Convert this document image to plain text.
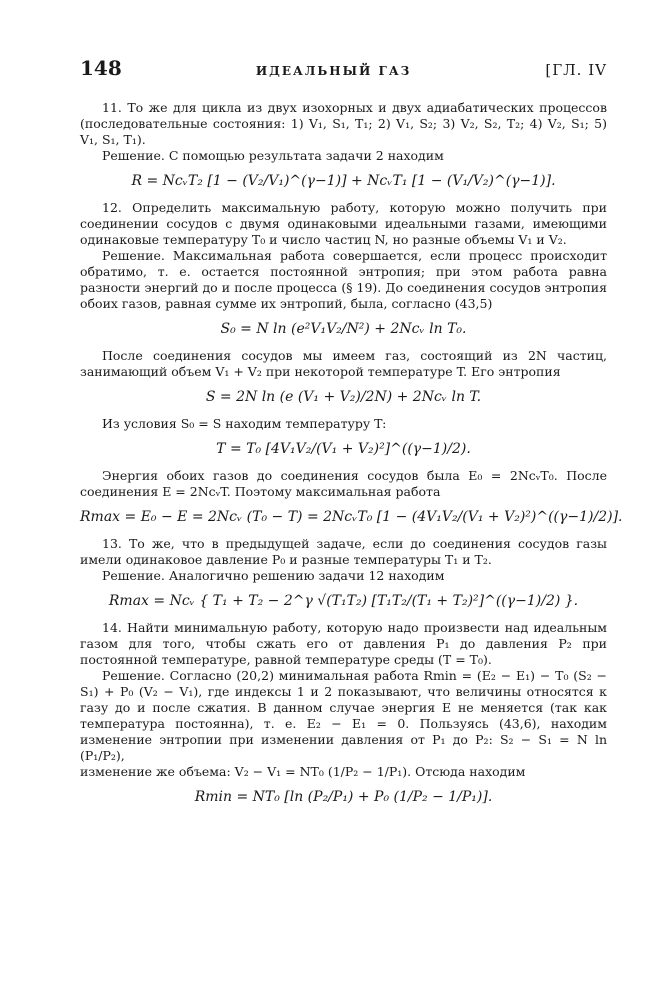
148	ИДЕАЛЬНЫЙ ГАЗ	[ГЛ. IV

11. То же для цикла из двух изохорных и двух адиабатических процессов (последовательные состояния: 1) V₁, S₁, T₁; 2) V₁, S₂; 3) V₂, S₂, T₂; 4) V₂, S₁; 5) V₁, S₁, T₁).

Решение. С помощью результата задачи 2 находим

R = NcᵥT₂ [1 − (V₂/V₁)^(γ−1)] + NcᵥT₁ [1 − (V₁/V₂)^(γ−1)].

12. Определить максимальную работу, которую можно получить при соединении сосудов с двумя одинаковыми идеальными газами, имеющими одинаковые температуру T₀ и число частиц N, но разные объемы V₁ и V₂.

Решение. Максимальная работа совершается, если процесс происходит обратимо, т. е. остается постоянной энтропия; при этом работа равна разности энергий до и после процесса (§ 19). До соединения сосудов энтропия обоих газов, равная сумме их энтропий, была, согласно (43,5)

S₀ = N ln (e²V₁V₂/N²) + 2Ncᵥ ln T₀.

После соединения сосудов мы имеем газ, состоящий из 2N частиц, занимающий объем V₁ + V₂ при некоторой температуре T. Его энтропия

S = 2N ln (e (V₁ + V₂)/2N) + 2Ncᵥ ln T.

Из условия S₀ = S находим температуру T:

T = T₀ [4V₁V₂/(V₁ + V₂)²]^((γ−1)/2).

Энергия обоих газов до соединения сосудов была E₀ = 2NcᵥT₀. После соединения E = 2NcᵥT. Поэтому максимальная работа

Rmax = E₀ − E = 2Ncᵥ (T₀ − T) = 2NcᵥT₀ [1 − (4V₁V₂/(V₁ + V₂)²)^((γ−1)/2)].

13. То же, что в предыдущей задаче, если до соединения сосудов газы имели одинаковое давление P₀ и разные температуры T₁ и T₂.

Решение. Аналогично решению задачи 12 находим

Rmax = Ncᵥ { T₁ + T₂ − 2^γ √(T₁T₂) [T₁T₂/(T₁ + T₂)²]^((γ−1)/2) }.

14. Найти минимальную работу, которую надо произвести над идеальным газом для того, чтобы сжать его от давления P₁ до давления P₂ при постоянной температуре, равной температуре среды (T = T₀).

Решение. Согласно (20,2) минимальная работа Rmin = (E₂ − E₁) − T₀ (S₂ − S₁) + P₀ (V₂ − V₁), где индексы 1 и 2 показывают, что величины относятся к газу до и после сжатия. В данном случае энергия E не меняется (так как температура постоянна), т. е. E₂ − E₁ = 0. Пользуясь (43,6), находим изменение энтропии при изменении давления от P₁ до P₂: S₂ − S₁ = N ln (P₁/P₂),

изменение же объема: V₂ − V₁ = NT₀ (1/P₂ − 1/P₁). Отсюда находим

Rmin = NT₀ [ln (P₂/P₁) + P₀ (1/P₂ − 1/P₁)].
